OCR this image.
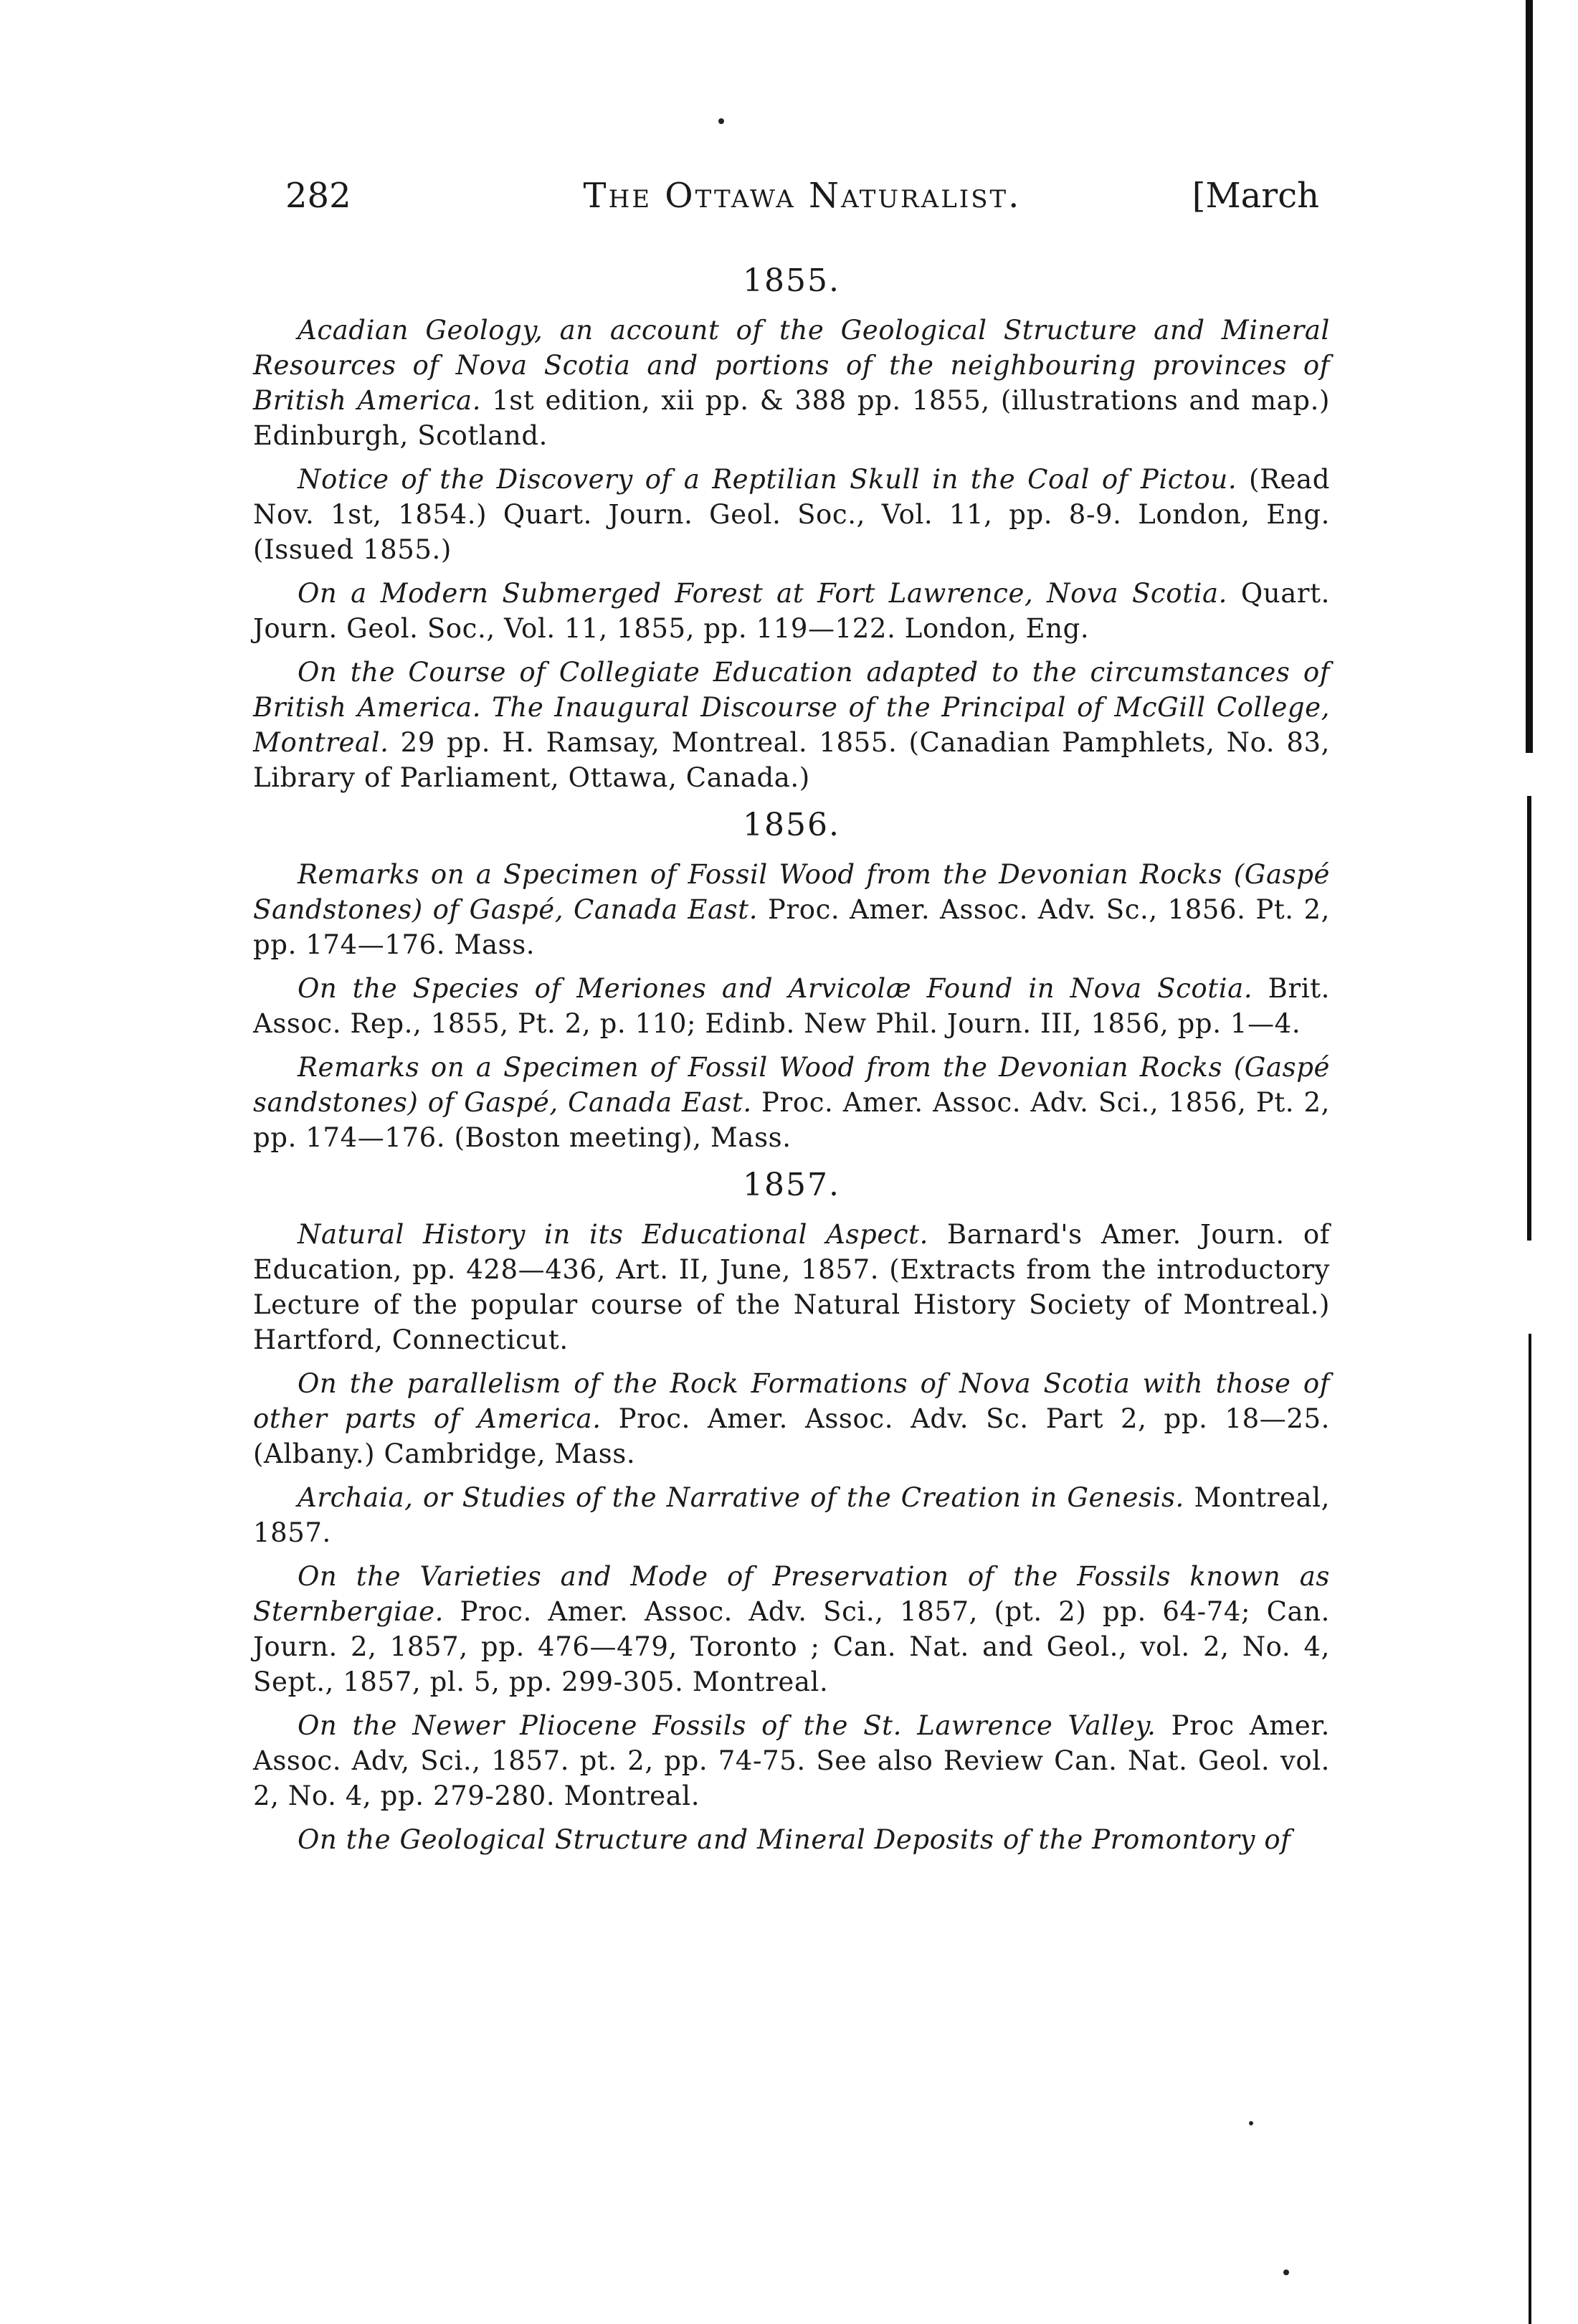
282	The Ottawa Naturalist.	[March
1855.

Acadian Geology, an account of the Geological Structure and Mineral Resources of Nova Scotia and portions of the neighbouring provinces of British America. 1st edition, xii pp. & 388 pp. 1855, (illustrations and map.) Edinburgh, Scotland.

Notice of the Discovery of a Reptilian Skull in the Coal of Pictou. (Read Nov. 1st, 1854.) Quart. Journ. Geol. Soc., Vol. 11, pp. 8-9. London, Eng. (Issued 1855.)

On a Modern Submerged Forest at Fort Lawrence, Nova Scotia. Quart. Journ. Geol. Soc., Vol. 11, 1855, pp. 119—122. London, Eng.

On the Course of Collegiate Education adapted to the circumstances of British America. The Inaugural Discourse of the Principal of McGill College, Montreal. 29 pp. H. Ramsay, Montreal. 1855. (Canadian Pamphlets, No. 83, Library of Parliament, Ottawa, Canada.)

1856.

Remarks on a Specimen of Fossil Wood from the Devonian Rocks (Gaspé Sandstones) of Gaspé, Canada East. Proc. Amer. Assoc. Adv. Sc., 1856. Pt. 2, pp. 174—176. Mass.

On the Species of Meriones and Arvicolæ Found in Nova Scotia. Brit. Assoc. Rep., 1855, Pt. 2, p. 110; Edinb. New Phil. Journ. III, 1856, pp. 1—4.

Remarks on a Specimen of Fossil Wood from the Devonian Rocks (Gaspé sandstones) of Gaspé, Canada East. Proc. Amer. Assoc. Adv. Sci., 1856, Pt. 2, pp. 174—176. (Boston meeting), Mass.

1857.

Natural History in its Educational Aspect. Barnard's Amer. Journ. of Education, pp. 428—436, Art. II, June, 1857. (Extracts from the introductory Lecture of the popular course of the Natural History Society of Montreal.) Hartford, Connecticut.

On the parallelism of the Rock Formations of Nova Scotia with those of other parts of America. Proc. Amer. Assoc. Adv. Sc. Part 2, pp. 18—25. (Albany.) Cambridge, Mass.

Archaia, or Studies of the Narrative of the Creation in Genesis. Montreal, 1857.

On the Varieties and Mode of Preservation of the Fossils known as Sternbergiae. Proc. Amer. Assoc. Adv. Sci., 1857, (pt. 2) pp. 64-74; Can. Journ. 2, 1857, pp. 476—479, Toronto ; Can. Nat. and Geol., vol. 2, No. 4, Sept., 1857, pl. 5, pp. 299-305. Montreal.

On the Newer Pliocene Fossils of the St. Lawrence Valley. Proc Amer. Assoc. Adv, Sci., 1857. pt. 2, pp. 74-75. See also Review Can. Nat. Geol. vol. 2, No. 4, pp. 279-280. Montreal.

On the Geological Structure and Mineral Deposits of the Promontory of
